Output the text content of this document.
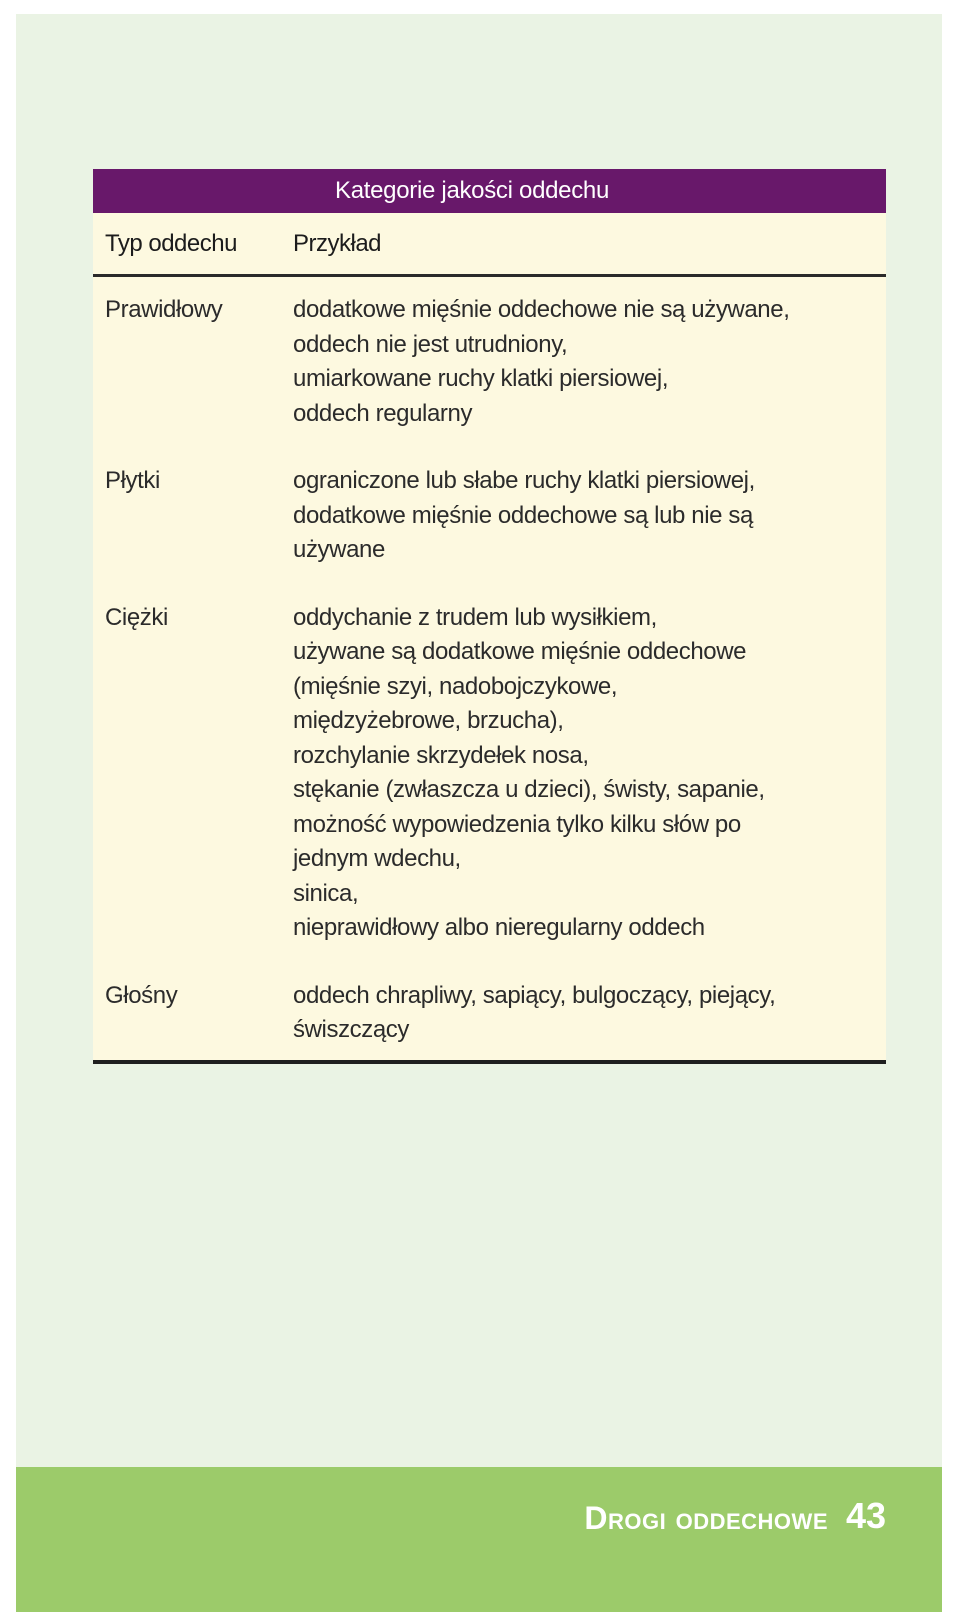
Kategorie jakości oddechu
Typ oddechu	Przykład
Prawidłowy	dodatkowe mięśnie oddechowe nie są używane,
oddech nie jest utrudniony,
umiarkowane ruchy klatki piersiowej,
oddech regularny
Płytki	ograniczone lub słabe ruchy klatki piersiowej,
dodatkowe mięśnie oddechowe są lub nie są
używane
Ciężki	oddychanie z trudem lub wysiłkiem,
używane są dodatkowe mięśnie oddechowe
(mięśnie szyi, nadobojczykowe,
międzyżebrowe, brzucha),
rozchylanie skrzydełek nosa,
stękanie (zwłaszcza u dzieci), świsty, sapanie,
możność wypowiedzenia tylko kilku słów po
jednym wdechu,
sinica,
nieprawidłowy albo nieregularny oddech
Głośny	oddech chrapliwy, sapiący, bulgoczący, piejący,
świszczący
Drogi oddechowe 43
